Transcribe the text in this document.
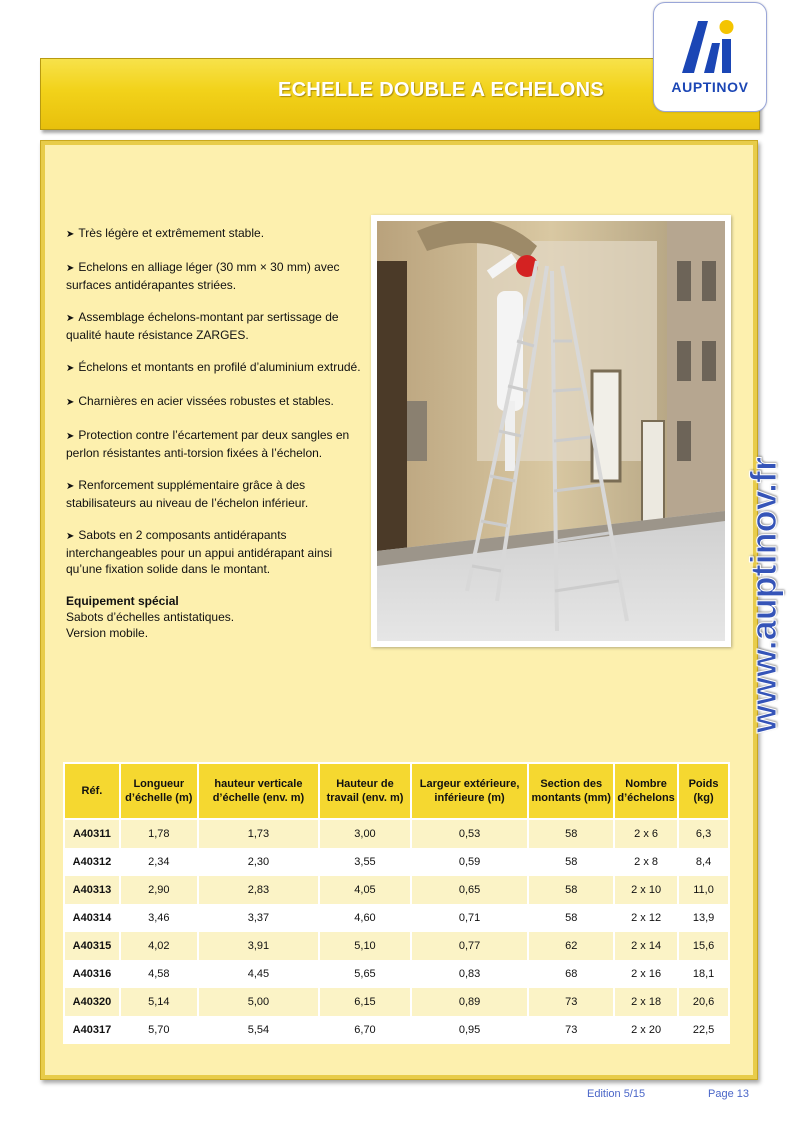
ECHELLE DOUBLE A ECHELONS	AUPTINOV

➤ Très légère et extrêmement stable.

➤ Echelons en alliage léger (30 mm × 30 mm) avec surfaces antidérapantes striées.

➤ Assemblage échelons-montant par sertissage de qualité haute résistance ZARGES.

➤ Échelons et montants en profilé d’aluminium extrudé.

➤ Charnières en acier vissées robustes et stables.

➤ Protection contre l’écartement par deux sangles en perlon résistantes anti-torsion fixées à l’échelon.

➤ Renforcement supplémentaire grâce à des stabilisateurs au niveau de l’échelon inférieur.

➤ Sabots en 2 composants antidérapants interchangeables pour un appui antidérapant ainsi qu’une fixation solide dans le montant.

Equipement spécial
Sabots d’échelles antistatiques.
Version mobile.	www.auptinov.fr
Réf.	Longueur d’échelle (m)	hauteur verticale d’échelle (env. m)	Hauteur de travail (env. m)	Largeur extérieure, inférieure (m)	Section des montants (mm)	Nombre d’échelons	Poids (kg)
A40311	1,78	1,73	3,00	0,53	58	2 x 6	6,3
A40312	2,34	2,30	3,55	0,59	58	2 x 8	8,4
A40313	2,90	2,83	4,05	0,65	58	2 x 10	11,0
A40314	3,46	3,37	4,60	0,71	58	2 x 12	13,9
A40315	4,02	3,91	5,10	0,77	62	2 x 14	15,6
A40316	4,58	4,45	5,65	0,83	68	2 x 16	18,1
A40320	5,14	5,00	6,15	0,89	73	2 x 18	20,6
A40317	5,70	5,54	6,70	0,95	73	2 x 20	22,5
Edition 5/15	Page 13
